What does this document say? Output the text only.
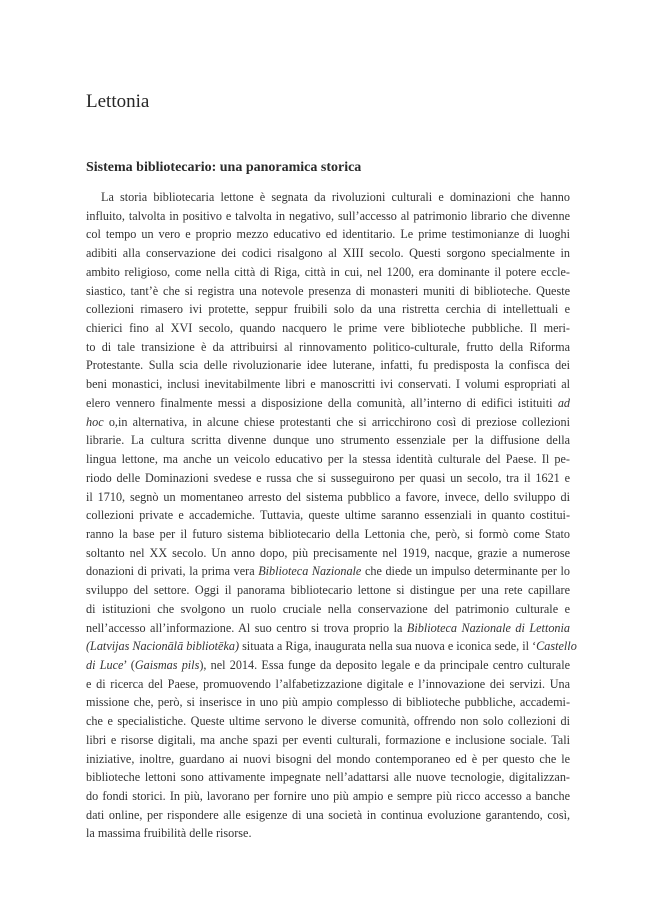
Lettonia
Sistema bibliotecario: una panoramica storica
La storia bibliotecaria lettone è segnata da rivoluzioni culturali e dominazioni che hanno
influito, talvolta in positivo e talvolta in negativo, sull’accesso al patrimonio librario che divenne
col tempo un vero e proprio mezzo educativo ed identitario. Le prime testimonianze di luoghi
adibiti alla conservazione dei codici risalgono al XIII secolo. Questi sorgono specialmente in
ambito religioso, come nella città di Riga, città in cui, nel 1200, era dominante il potere eccle-
siastico, tant’è che si registra una notevole presenza di monasteri muniti di biblioteche. Queste
collezioni rimasero ivi protette, seppur fruibili solo da una ristretta cerchia di intellettuali e
chierici fino al XVI secolo, quando nacquero le prime vere biblioteche pubbliche. Il meri-
to di tale transizione è da attribuirsi al rinnovamento politico-culturale, frutto della Riforma
Protestante. Sulla scia delle rivoluzionarie idee luterane, infatti, fu predisposta la confisca dei
beni monastici, inclusi inevitabilmente libri e manoscritti ivi conservati. I volumi espropriati al
elero vennero finalmente messi a disposizione della comunità, all’interno di edifici istituiti ad
hoc o,in alternativa, in alcune chiese protestanti che si arricchirono così di preziose collezioni
librarie. La cultura scritta divenne dunque uno strumento essenziale per la diffusione della
lingua lettone, ma anche un veicolo educativo per la stessa identità culturale del Paese. Il pe-
riodo delle Dominazioni svedese e russa che si susseguirono per quasi un secolo, tra il 1621 e
il 1710, segnò un momentaneo arresto del sistema pubblico a favore, invece, dello sviluppo di
collezioni private e accademiche. Tuttavia, queste ultime saranno essenziali in quanto costitui-
ranno la base per il futuro sistema bibliotecario della Lettonia che, però, si formò come Stato
soltanto nel XX secolo. Un anno dopo, più precisamente nel 1919, nacque, grazie a numerose
donazioni di privati, la prima vera Biblioteca Nazionale che diede un impulso determinante per lo
sviluppo del settore. Oggi il panorama bibliotecario lettone si distingue per una rete capillare
di istituzioni che svolgono un ruolo cruciale nella conservazione del patrimonio culturale e
nell’accesso all’informazione. Al suo centro si trova proprio la Biblioteca Nazionale di Lettonia
(Latvijas Nacionālā bibliotēka) situata a Riga, inaugurata nella sua nuova e iconica sede, il ‘Castello
di Luce’ (Gaismas pils), nel 2014. Essa funge da deposito legale e da principale centro culturale
e di ricerca del Paese, promuovendo l’alfabetizzazione digitale e l’innovazione dei servizi. Una
missione che, però, si inserisce in uno più ampio complesso di biblioteche pubbliche, accademi-
che e specialistiche. Queste ultime servono le diverse comunità, offrendo non solo collezioni di
libri e risorse digitali, ma anche spazi per eventi culturali, formazione e inclusione sociale. Tali
iniziative, inoltre, guardano ai nuovi bisogni del mondo contemporaneo ed è per questo che le
biblioteche lettoni sono attivamente impegnate nell’adattarsi alle nuove tecnologie, digitalizzan-
do fondi storici. In più, lavorano per fornire uno più ampio e sempre più ricco accesso a banche
dati online, per rispondere alle esigenze di una società in continua evoluzione garantendo, così,
la massima fruibilità delle risorse.
